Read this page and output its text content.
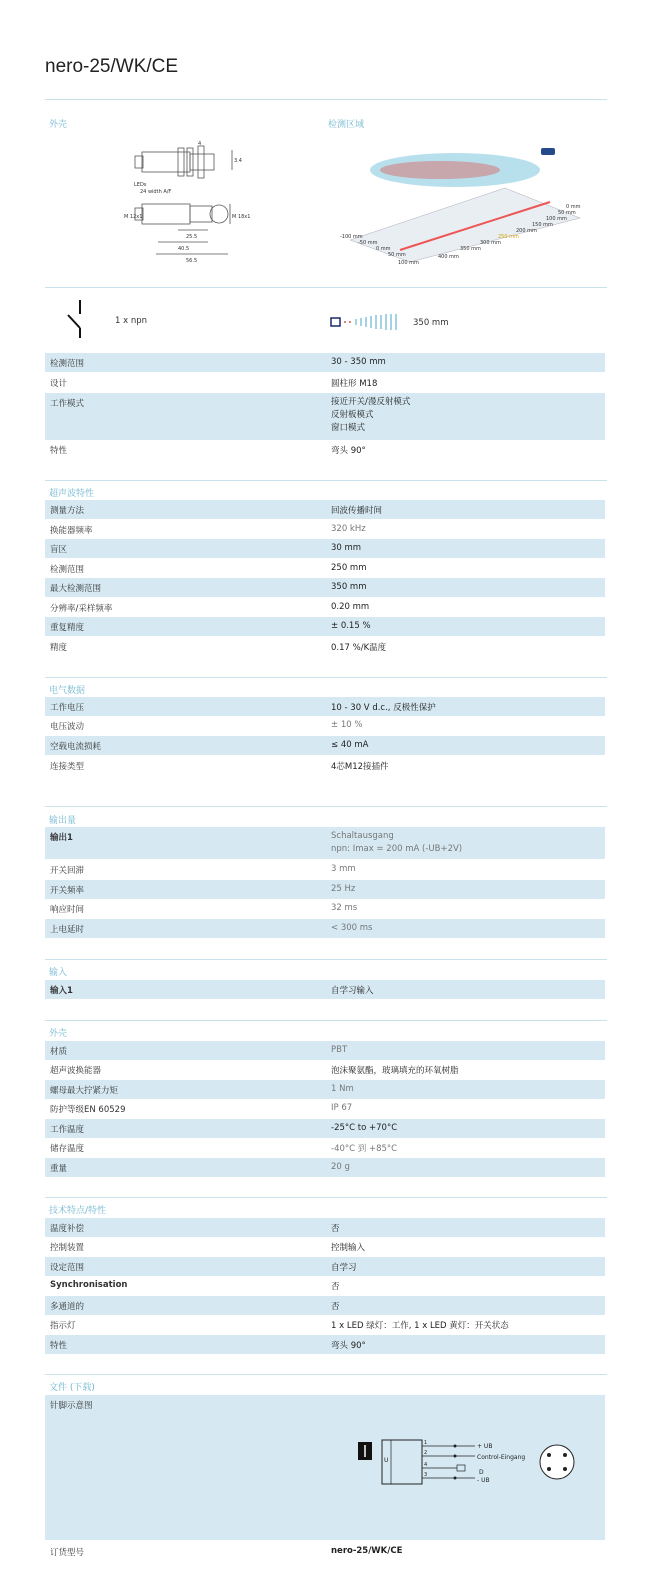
nero-25/WK/CE
外壳	检测区域
4
3.4
LEDs
24 width A/F
M 12x1	M 18x1
25.5
40.5
56.5
-100 mm
-50 mm
0 mm
50 mm
100 mm
0 mm
50 mm
100 mm
150 mm
200 mm
250 mm
300 mm
350 mm
400 mm
1 x npn	350 mm
检测范围	30 - 350 mm
设计	圆柱形 M18
工作模式	接近开关/漫反射模式
反射板模式
窗口模式
特性	弯头 90°
超声波特性
测量方法	回波传播时间
换能器频率	320 kHz
盲区	30 mm
检测范围	250 mm
最大检测范围	350 mm
分辨率/采样频率	0.20 mm
重复精度	± 0.15 %
精度	0.17 %/K温度
电气数据
工作电压	10 - 30 V d.c., 反极性保护
电压波动	± 10 %
空载电流损耗	≤ 40 mA
连接类型	4芯M12接插件
输出量
输出1	Schaltausgang
npn: Imax = 200 mA (-UB+2V)
开关回滞	3 mm
开关频率	25 Hz
响应时间	32 ms
上电延时	< 300 ms
输入
输入1	自学习输入
外壳
材质	PBT
超声波换能器	泡沫聚氨酯，玻璃填充的环氧树脂
螺母最大拧紧力矩	1 Nm
防护等级EN 60529	IP 67
工作温度	-25°C to +70°C
储存温度	-40°C 到 +85°C
重量	20 g
技术特点/特性
温度补偿	否
控制装置	控制输入
设定范围	自学习
Synchronisation	否
多通道的	否
指示灯	1 x LED 绿灯：工作, 1 x LED 黄灯：开关状态
特性	弯头 90°
文件 (下载)
针脚示意图
U
1
2
4
3
+ UB
Control-Eingang
D
- UB
订货型号	nero-25/WK/CE
